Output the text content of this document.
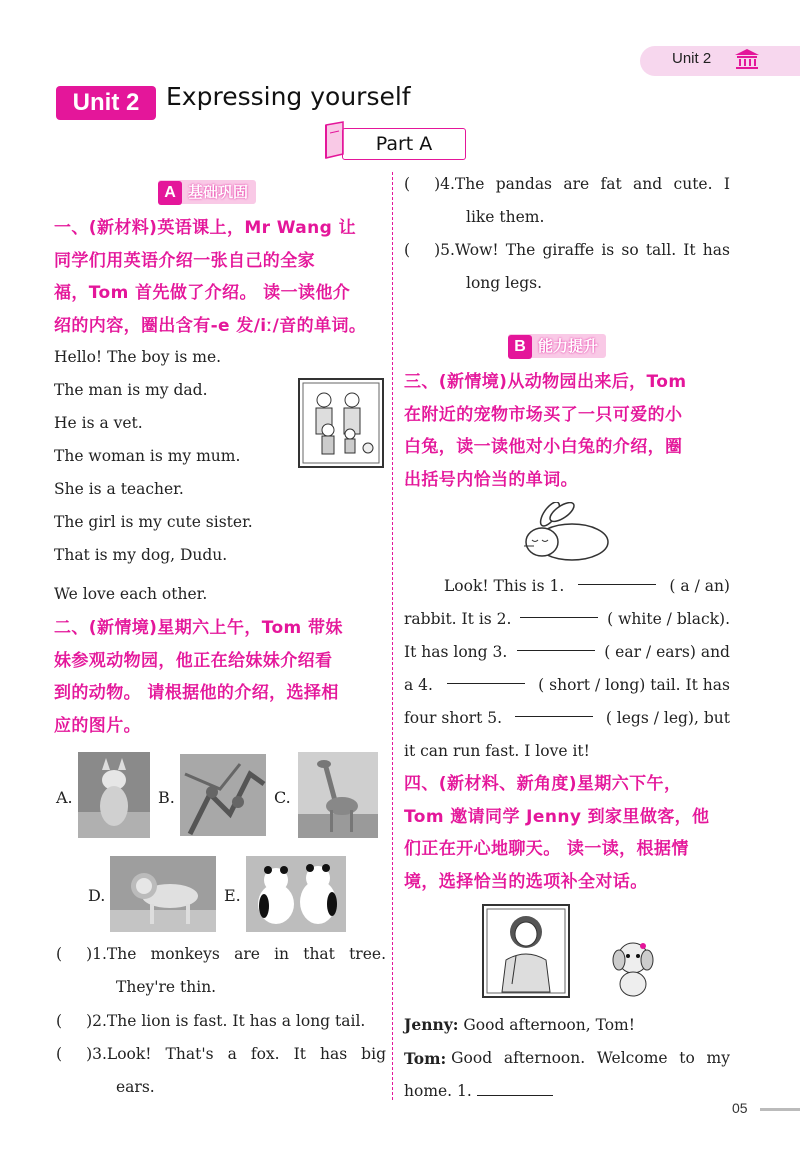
Unit 2
Unit 2	Expressing yourself
Part A
A 基础巩固
一、(新材料)英语课上，Mr Wang 让
同学们用英语介绍一张自己的全家
福，Tom 首先做了介绍。 读一读他介
绍的内容，圈出含有-e 发/iː/音的单词。
Hello! The boy is me.
The man is my dad.
He is a vet.
The woman is my mum.
She is a teacher.
The girl is my cute sister.
That is my dog, Dudu.
We love each other.
二、(新情境)星期六上午，Tom 带妹
妹参观动物园，他正在给妹妹介绍看
到的动物。 请根据他的介绍，选择相
应的图片。
A.	B.	C.
D.	E.
( ) 1. The monkeys are in that tree.
They're thin.
( ) 2. The lion is fast. It has a long tail.
( ) 3. Look! That's a fox. It has big
ears.
( ) 4. The pandas are fat and cute. I
like them.
( ) 5. Wow! The giraffe is so tall. It has
long legs.
B 能力提升
三、(新情境)从动物园出来后，Tom
在附近的宠物市场买了一只可爱的小
白兔，读一读他对小白兔的介绍，圈
出括号内恰当的单词。
Look! This is 1.	( a / an)
rabbit. It is 2.	( white / black).
It has long 3.	( ear / ears) and
a 4.	( short / long) tail. It has
four short 5.	( legs / leg), but
it can run fast. I love it!
四、(新材料、新角度)星期六下午，
Tom 邀请同学 Jenny 到家里做客，他
们正在开心地聊天。 读一读，根据情
境，选择恰当的选项补全对话。
Jenny: Good afternoon, Tom!
Tom:
Good afternoon. Welcome to my
home. 1.
05
